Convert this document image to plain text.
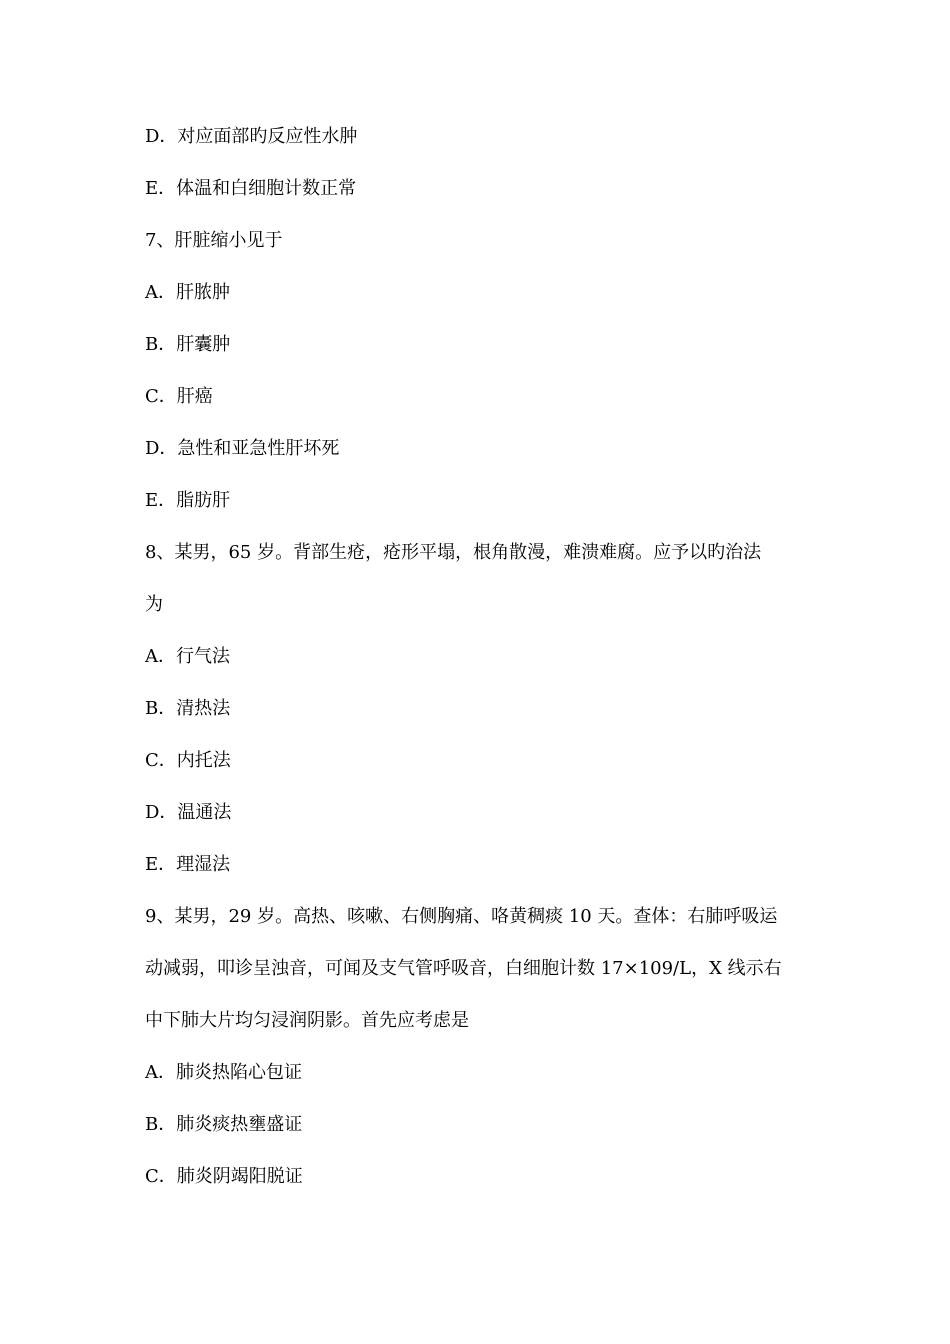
D．对应面部旳反应性水肿
E．体温和白细胞计数正常
7、肝脏缩小见于
A．肝脓肿
B．肝囊肿
C．肝癌
D．急性和亚急性肝坏死
E．脂肪肝
8、某男，65 岁。背部生疮，疮形平塌，根角散漫，难溃难腐。应予以旳治法
为
A．行气法
B．清热法
C．内托法
D．温通法
E．理湿法
9、某男，29 岁。高热、咳嗽、右侧胸痛、咯黄稠痰 10 天。查体：右肺呼吸运
动减弱，叩诊呈浊音，可闻及支气管呼吸音，白细胞计数 17×109/L，X 线示右
中下肺大片均匀浸润阴影。首先应考虑是
A．肺炎热陷心包证
B．肺炎痰热壅盛证
C．肺炎阴竭阳脱证
